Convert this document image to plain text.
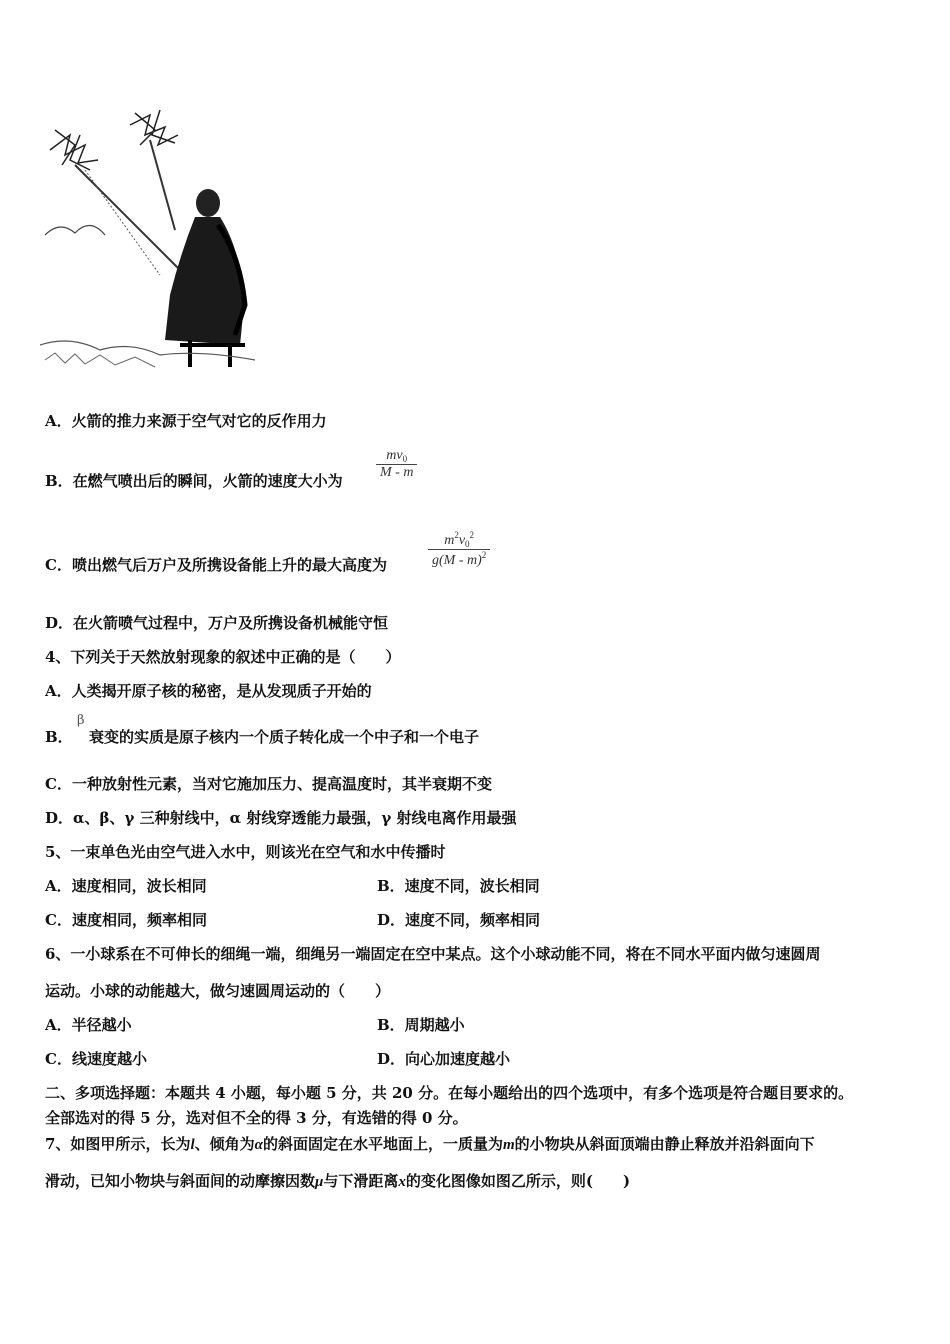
A．火箭的推力来源于空气对它的反作用力
B．在燃气喷出后的瞬间，火箭的速度大小为
$mv_0$
M - m
C．喷出燃气后万户及所携设备能上升的最大高度为
$m^2v_0^2$
g(M - m)$^2$
D．在火箭喷气过程中，万户及所携设备机械能守恒
4、下列关于天然放射现象的叙述中正确的是（　　）
A．人类揭开原子核的秘密，是从发现质子开始的
B．
β
衰变的实质是原子核内一个质子转化成一个中子和一个电子
C．一种放射性元素，当对它施加压力、提高温度时，其半衰期不变
D．α、β、γ 三种射线中，α 射线穿透能力最强，γ 射线电离作用最强
5、一束单色光由空气进入水中，则该光在空气和水中传播时
A．速度相同，波长相同	B．速度不同，波长相同
C．速度相同，频率相同	D．速度不同，频率相同
6、一小球系在不可伸长的细绳一端，细绳另一端固定在空中某点。这个小球动能不同，将在不同水平面内做匀速圆周
运动。小球的动能越大，做匀速圆周运动的（　　）
A．半径越小	B．周期越小
C．线速度越小	D．向心加速度越小
二、多项选择题：本题共 4 小题，每小题 5 分，共 20 分。在每小题给出的四个选项中，有多个选项是符合题目要求的。
全部选对的得 5 分，选对但不全的得 3 分，有选错的得 0 分。
7、如图甲所示，长为l、倾角为α的斜面固定在水平地面上，一质量为m的小物块从斜面顶端由静止释放并沿斜面向下
滑动，已知小物块与斜面间的动摩擦因数μ与下滑距离x的变化图像如图乙所示，则(　　)
